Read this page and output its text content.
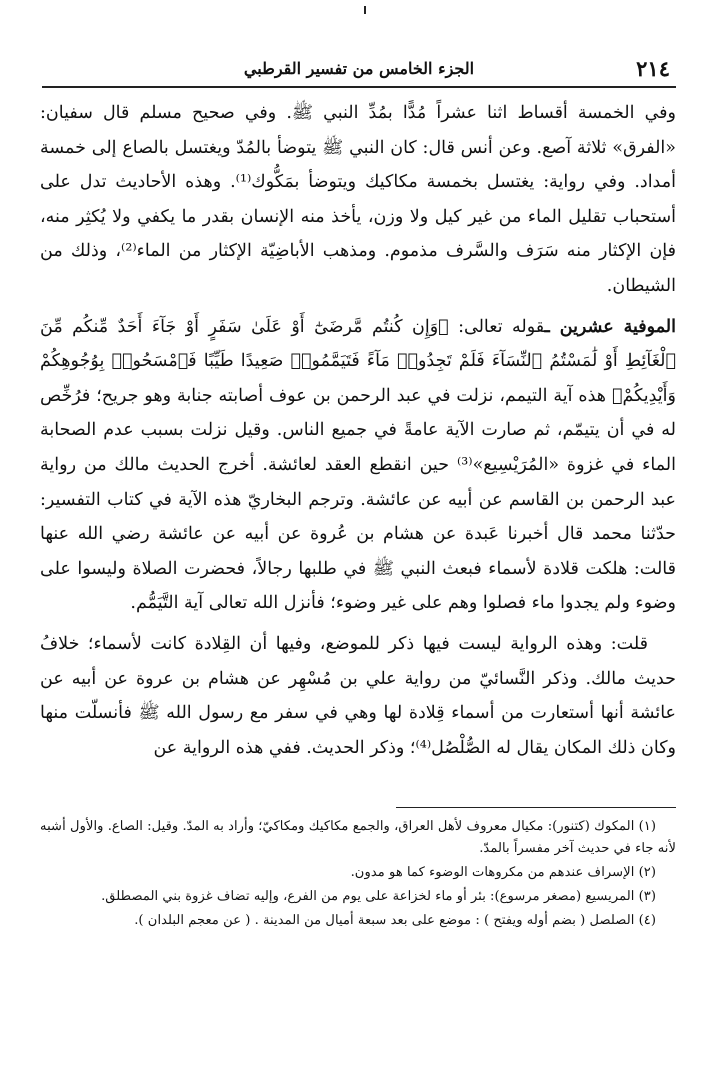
٢١٤
الجزء الخامس من تفسير القرطبي

وفي الخمسة أقساط اثنا عشراً مُدًّا بمُدِّ النبي ﷺ. وفي صحيح مسلم قال سفيان: «الفرق» ثلاثة آصع. وعن أنس قال: كان النبي ﷺ يتوضأ بالمُدّ ويغتسل بالصاع إلى خمسة أمداد. وفي رواية: يغتسل بخمسة مكاكيك ويتوضأ بمَكُّوك⁽¹⁾. وهذه الأحاديث تدل على أستحباب تقليل الماء من غير كيل ولا وزن، يأخذ منه الإنسان بقدر ما يكفي ولا يُكثِر منه، فإن الإكثار منه سَرَف والسَّرف مذموم. ومذهب الأباضِيّة الإكثار من الماء⁽²⁾، وذلك من الشيطان.

الموفية عشرين ـقوله تعالى: ﴿وَإِن كُنتُم مَّرضَىٰٓ أَوْ عَلَىٰ سَفَرٍ أَوْ جَآءَ أَحَدٌ مِّنكُم مِّنَ ٱلْغَآئِطِ أَوْ لَٰمَسْتُمُ ٱلنِّسَآءَ فَلَمْ تَجِدُوا۟ مَآءً فَتَيَمَّمُوا۟ صَعِيدًا طَيِّبًا فَٱمْسَحُوا۟ بِوُجُوهِكُمْ وَأَيْدِيكُمْ﴾ هذه آية التيمم، نزلت في عبد الرحمن بن عوف أصابته جنابة وهو جريح؛ فرُخِّص له في أن يتيمّم، ثم صارت الآية عامةً في جميع الناس. وقيل نزلت بسبب عدم الصحابة الماء في غزوة «المُرَيْسِيع»⁽³⁾ حين انقطع العقد لعائشة. أخرج الحديث مالك من رواية عبد الرحمن بن القاسم عن أبيه عن عائشة. وترجم البخاريّ هذه الآية في كتاب التفسير: حدّثنا محمد قال أخبرنا عَبدة عن هشام بن عُروة عن أبيه عن عائشة رضي الله عنها قالت: هلكت قلادة لأسماء فبعث النبي ﷺ في طلبها رجالاً، فحضرت الصلاة وليسوا على وضوء ولم يجدوا ماء فصلوا وهم على غير وضوء؛ فأنزل الله تعالى آية التَّيَمُّم.

قلت: وهذه الرواية ليست فيها ذكر للموضع، وفيها أن القِلادة كانت لأسماء؛ خلافُ حديث مالك. وذكر النَّسائيّ من رواية علي بن مُسْهِر عن هشام بن عروة عن أبيه عن عائشة أنها أستعارت من أسماء قِلادة لها وهي في سفر مع رسول الله ﷺ فأنسلّت منها وكان ذلك المكان يقال له الصُّلْصُل⁽⁴⁾؛ وذكر الحديث. ففي هذه الرواية عن

(١) المكوك (كتنور): مكيال معروف لأهل العراق، والجمع مكاكيك ومكاكيّ؛ وأراد به المدّ. وقيل: الصاع. والأول أشبه لأنه جاء في حديث آخر مفسراً بالمدّ.

(٢) الإسراف عندهم من مكروهات الوضوء كما هو مدون.

(٣) المريسيع (مصغر مرسوع): بئر أو ماء لخزاعة على يوم من الفرع، وإليه تضاف غزوة بني المصطلق.

(٤) الصلصل ( بضم أوله ويفتح ) : موضع على بعد سبعة أميال من المدينة . ( عن معجم البلدان ).
